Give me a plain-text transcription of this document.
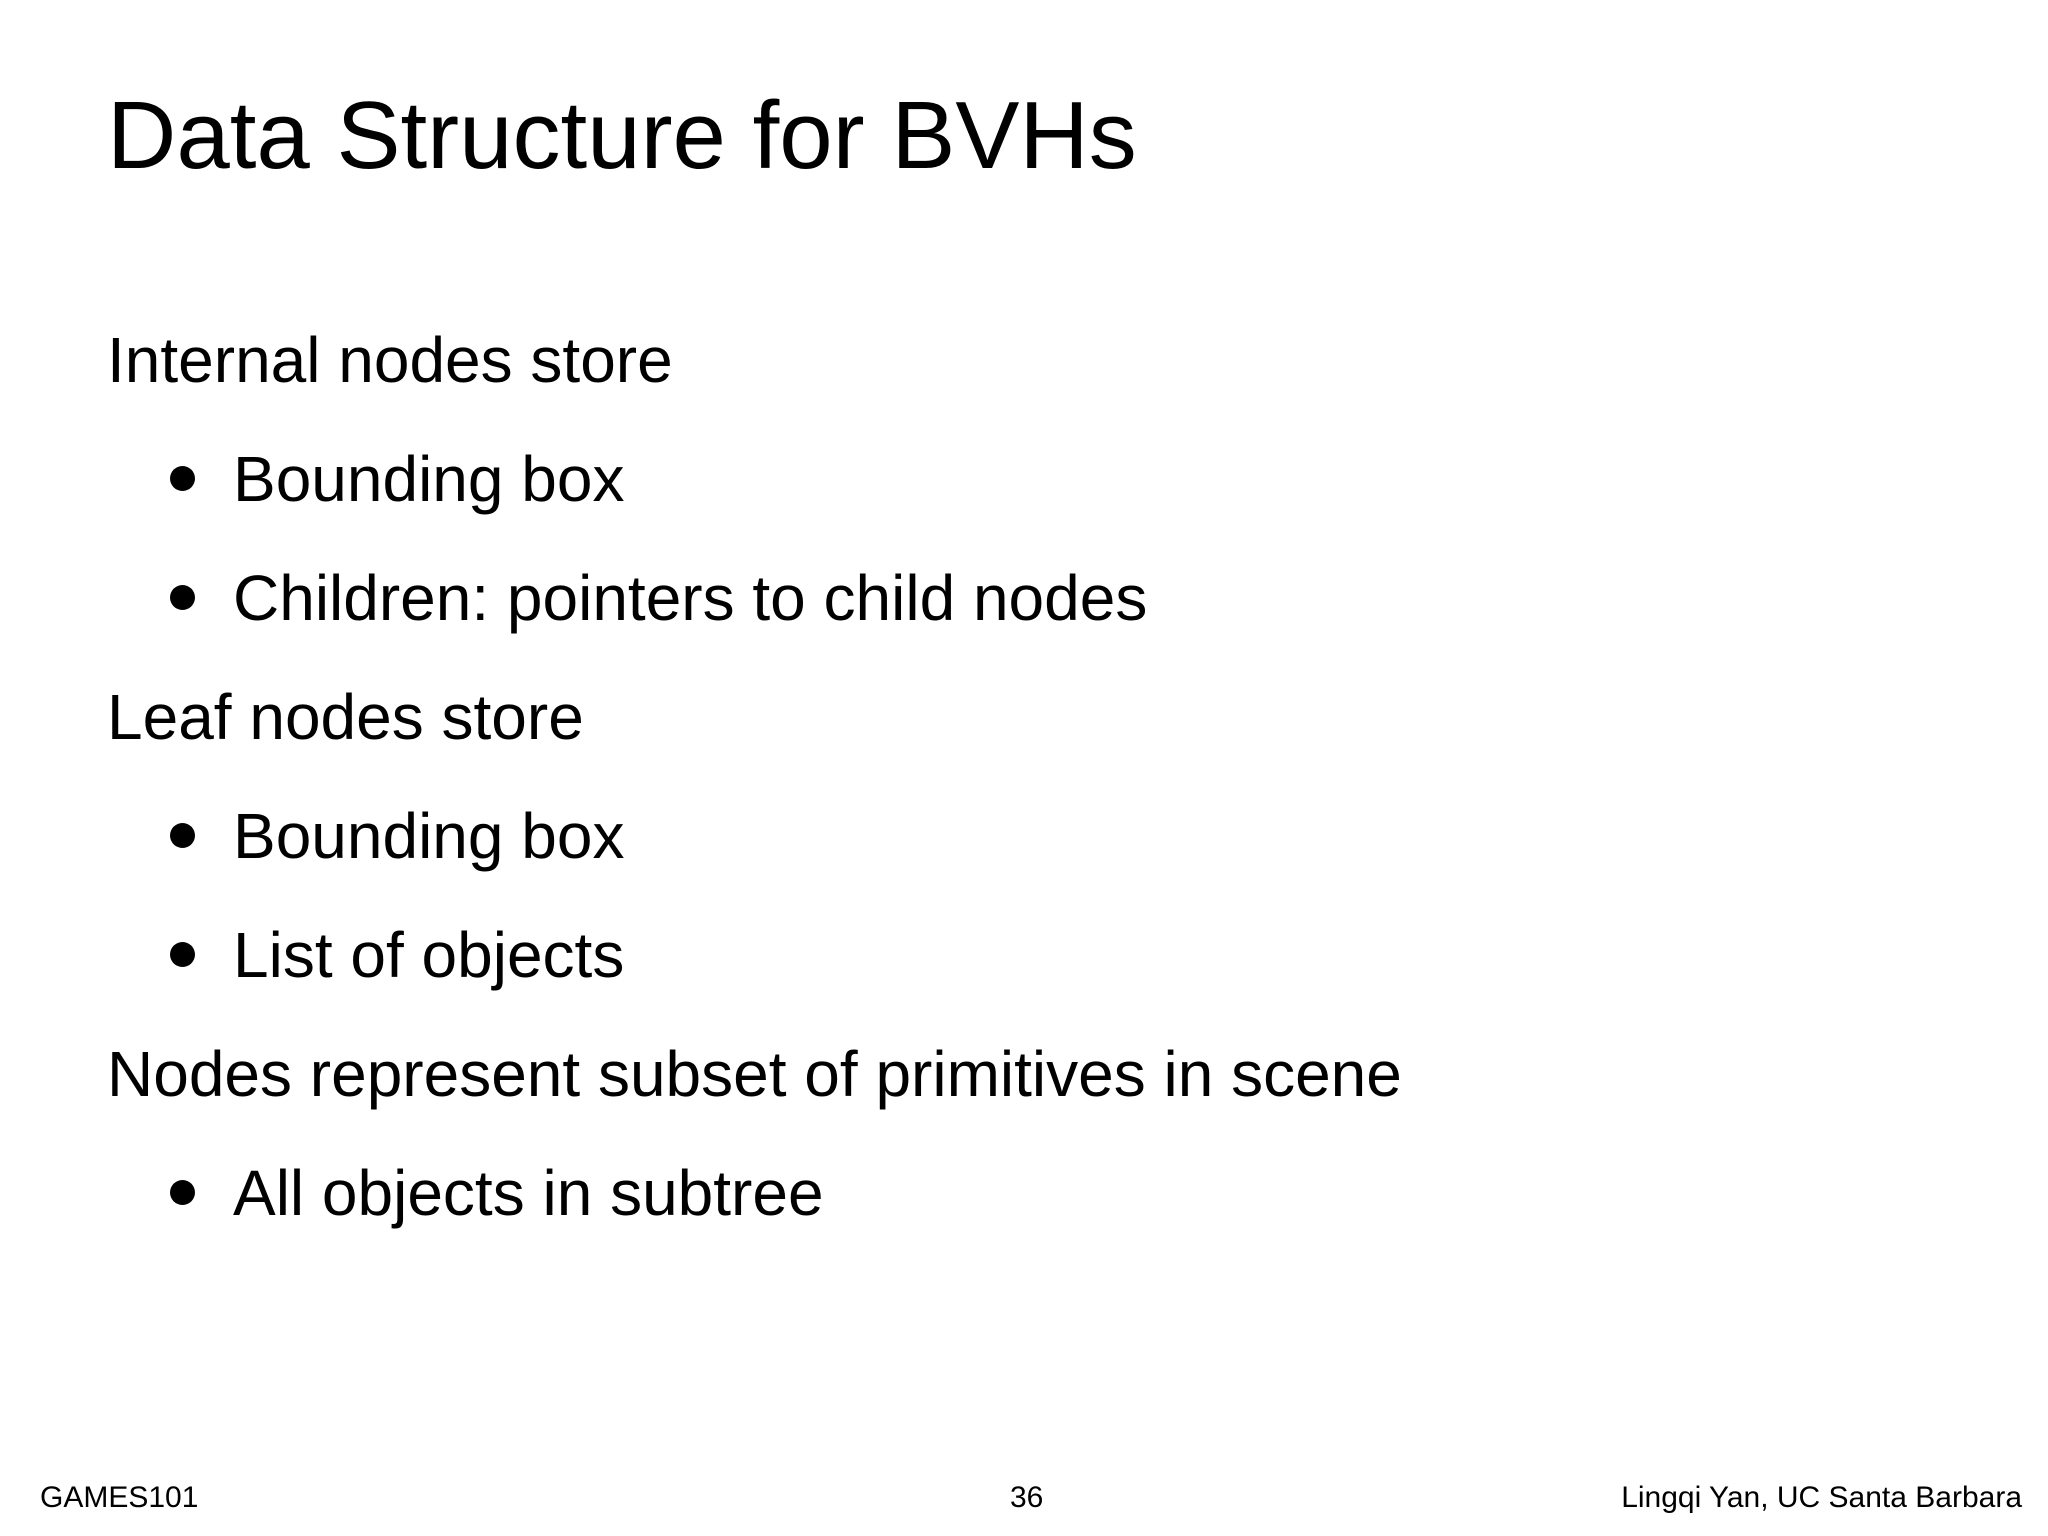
Data Structure for BVHs
Internal nodes store
Bounding box
Children: pointers to child nodes
Leaf nodes store
Bounding box
List of objects
Nodes represent subset of primitives in scene
All objects in subtree
GAMES101	36	Lingqi Yan, UC Santa Barbara
